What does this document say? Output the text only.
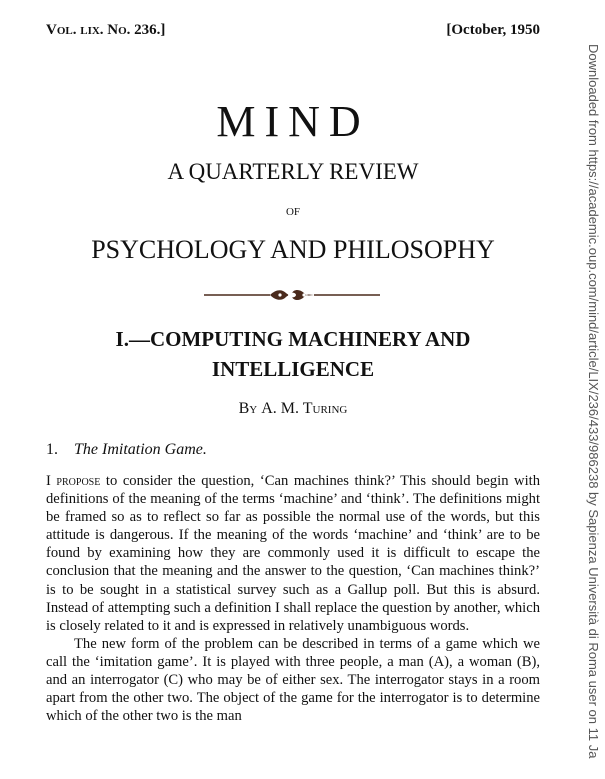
Vol. lix. No. 236.]	[October, 1950
MIND
A QUARTERLY REVIEW
OF
PSYCHOLOGY AND PHILOSOPHY
I.—COMPUTING MACHINERY AND
INTELLIGENCE
By A. M. Turing
1. The Imitation Game.

I propose to consider the question, ‘Can machines think?’ This should begin with definitions of the meaning of the terms ‘machine’ and ‘think’. The definitions might be framed so as to reflect so far as possible the normal use of the words, but this attitude is dangerous. If the meaning of the words ‘machine’ and ‘think’ are to be found by examining how they are commonly used it is difficult to escape the conclusion that the meaning and the answer to the question, ‘Can machines think?’ is to be sought in a statistical survey such as a Gallup poll. But this is absurd. Instead of attempting such a definition I shall replace the question by another, which is closely related to it and is expressed in relatively unambiguous words.

The new form of the problem can be described in terms of a game which we call the ‘imitation game’. It is played with three people, a man (A), a woman (B), and an interrogator (C) who may be of either sex. The interrogator stays in a room apart from the other two. The object of the game for the interrogator is to determine which of the other two is the man	Downloaded from https://academic.oup.com/mind/article/LIX/236/433/986238 by Sapienza Università di Roma user on 11 Ja
